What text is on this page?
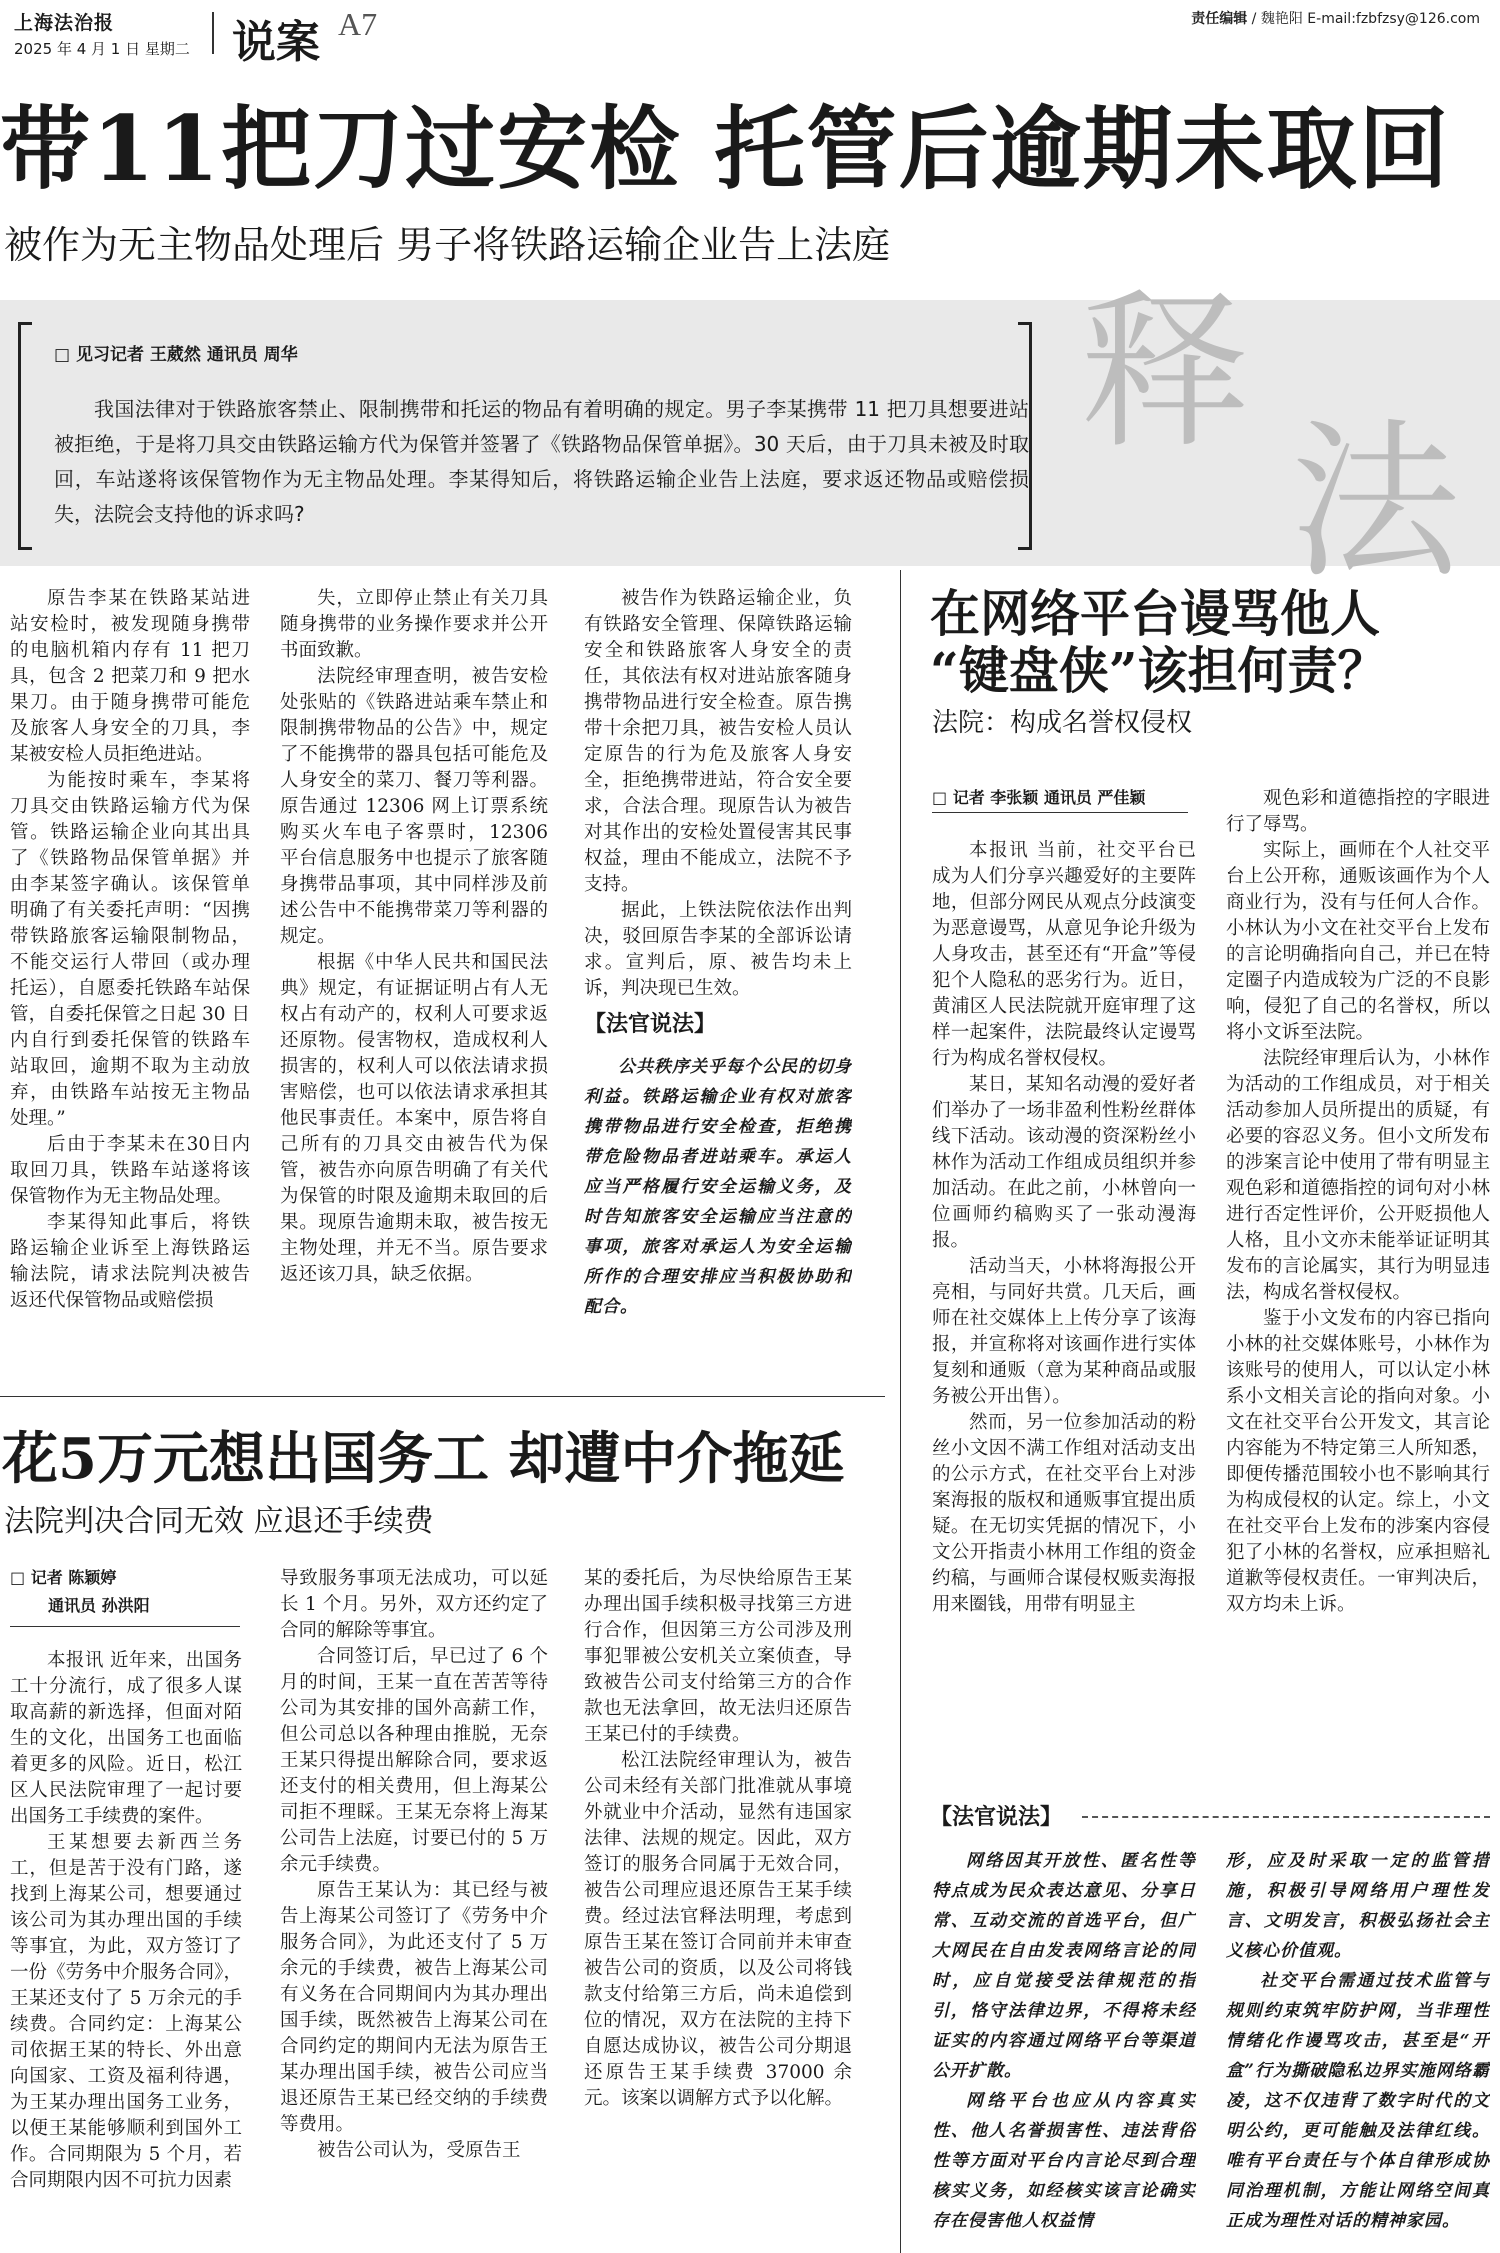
上海法治报
2025 年 4 月 1 日 星期二 说案 A7	责任编辑 / 魏艳阳 E-mail:fzbfzsy@126.com
带11把刀过安检 托管后逾期未取回
被作为无主物品处理后 男子将铁路运输企业告上法庭
□ 见习记者 王葳然 通讯员 周华
我国法律对于铁路旅客禁止、限制携带和托运的物品有着明确的规定。男子李某携带 11 把刀具想要进站被拒绝，于是将刀具交由铁路运输方代为保管并签署了《铁路物品保管单据》。30 天后，由于刀具未被及时取回，车站遂将该保管物作为无主物品处理。李某得知后，将铁路运输企业告上法庭，要求返还物品或赔偿损失，法院会支持他的诉求吗?
释
法

原告李某在铁路某站进站安检时，被发现随身携带的电脑机箱内存有 11 把刀具，包含 2 把菜刀和 9 把水果刀。由于随身携带可能危及旅客人身安全的刀具，李某被安检人员拒绝进站。

为能按时乘车，李某将刀具交由铁路运输方代为保管。铁路运输企业向其出具了《铁路物品保管单据》并由李某签字确认。该保管单明确了有关委托声明：“因携带铁路旅客运输限制物品，不能交运行人带回（或办理托运），自愿委托铁路车站保管，自委托保管之日起 30 日内自行到委托保管的铁路车站取回，逾期不取为主动放弃，由铁路车站按无主物品处理。”

后由于李某未在30日内取回刀具，铁路车站遂将该保管物作为无主物品处理。

李某得知此事后，将铁路运输企业诉至上海铁路运输法院，请求法院判决被告返还代保管物品或赔偿损

失，立即停止禁止有关刀具随身携带的业务操作要求并公开书面致歉。

法院经审理查明，被告安检处张贴的《铁路进站乘车禁止和限制携带物品的公告》中，规定了不能携带的器具包括可能危及人身安全的菜刀、餐刀等利器。原告通过 12306 网上订票系统购买火车电子客票时，12306 平台信息服务中也提示了旅客随身携带品事项，其中同样涉及前述公告中不能携带菜刀等利器的规定。

根据《中华人民共和国民法典》规定，有证据证明占有人无权占有动产的，权利人可要求返还原物。侵害物权，造成权利人损害的，权利人可以依法请求损害赔偿，也可以依法请求承担其他民事责任。本案中，原告将自己所有的刀具交由被告代为保管，被告亦向原告明确了有关代为保管的时限及逾期未取回的后果。现原告逾期未取，被告按无主物处理，并无不当。原告要求返还该刀具，缺乏依据。

被告作为铁路运输企业，负有铁路安全管理、保障铁路运输安全和铁路旅客人身安全的责任，其依法有权对进站旅客随身携带物品进行安全检查。原告携带十余把刀具，被告安检人员认定原告的行为危及旅客人身安全，拒绝携带进站，符合安全要求，合法合理。现原告认为被告对其作出的安检处置侵害其民事权益，理由不能成立，法院不予支持。

据此，上铁法院依法作出判决，驳回原告李某的全部诉讼请求。宣判后，原、被告均未上诉，判决现已生效。

【法官说法】

公共秩序关乎每个公民的切身利益。铁路运输企业有权对旅客携带物品进行安全检查，拒绝携带危险物品者进站乘车。承运人应当严格履行安全运输义务，及时告知旅客安全运输应当注意的事项，旅客对承运人为安全运输所作的合理安排应当积极协助和配合。

在网络平台谩骂他人
“键盘侠”该担何责？
法院：构成名誉权侵权
□ 记者 李张颖 通讯员 严佳颖

本报讯 当前，社交平台已成为人们分享兴趣爱好的主要阵地，但部分网民从观点分歧演变为恶意谩骂，从意见争论升级为人身攻击，甚至还有“开盒”等侵犯个人隐私的恶劣行为。近日，黄浦区人民法院就开庭审理了这样一起案件，法院最终认定谩骂行为构成名誉权侵权。

某日，某知名动漫的爱好者们举办了一场非盈利性粉丝群体线下活动。该动漫的资深粉丝小林作为活动工作组成员组织并参加活动。在此之前，小林曾向一位画师约稿购买了一张动漫海报。

活动当天，小林将海报公开亮相，与同好共赏。几天后，画师在社交媒体上上传分享了该海报，并宣称将对该画作进行实体复刻和通贩（意为某种商品或服务被公开出售）。

然而，另一位参加活动的粉丝小文因不满工作组对活动支出的公示方式，在社交平台上对涉案海报的版权和通贩事宜提出质疑。在无切实凭据的情况下，小文公开指责小林用工作组的资金约稿，与画师合谋侵权贩卖海报用来圈钱，用带有明显主

观色彩和道德指控的字眼进行了辱骂。

实际上，画师在个人社交平台上公开称，通贩该画作为个人商业行为，没有与任何人合作。小林认为小文在社交平台上发布的言论明确指向自己，并已在特定圈子内造成较为广泛的不良影响，侵犯了自己的名誉权，所以将小文诉至法院。

法院经审理后认为，小林作为活动的工作组成员，对于相关活动参加人员所提出的质疑，有必要的容忍义务。但小文所发布的涉案言论中使用了带有明显主观色彩和道德指控的词句对小林进行否定性评价，公开贬损他人人格，且小文亦未能举证证明其发布的言论属实，其行为明显违法，构成名誉权侵权。

鉴于小文发布的内容已指向小林的社交媒体账号，小林作为该账号的使用人，可以认定小林系小文相关言论的指向对象。小文在社交平台公开发文，其言论内容能为不特定第三人所知悉，即便传播范围较小也不影响其行为构成侵权的认定。综上，小文在社交平台上发布的涉案内容侵犯了小林的名誉权，应承担赔礼道歉等侵权责任。一审判决后，双方均未上诉。

【法官说法】

网络因其开放性、匿名性等特点成为民众表达意见、分享日常、互动交流的首选平台，但广大网民在自由发表网络言论的同时，应自觉接受法律规范的指引，恪守法律边界，不得将未经证实的内容通过网络平台等渠道公开扩散。

网络平台也应从内容真实性、他人名誉损害性、违法背俗性等方面对平台内言论尽到合理核实义务，如经核实该言论确实存在侵害他人权益情

形，应及时采取一定的监管措施，积极引导网络用户理性发言、文明发言，积极弘扬社会主义核心价值观。

社交平台需通过技术监管与规则约束筑牢防护网，当非理性情绪化作谩骂攻击，甚至是“开盒”行为撕破隐私边界实施网络霸凌，这不仅违背了数字时代的文明公约，更可能触及法律红线。唯有平台责任与个体自律形成协同治理机制，方能让网络空间真正成为理性对话的精神家园。

花5万元想出国务工 却遭中介拖延
法院判决合同无效 应退还手续费
□ 记者 陈颖婷
通讯员 孙洪阳

本报讯 近年来，出国务工十分流行，成了很多人谋取高薪的新选择，但面对陌生的文化，出国务工也面临着更多的风险。近日，松江区人民法院审理了一起讨要出国务工手续费的案件。

王某想要去新西兰务工，但是苦于没有门路，遂找到上海某公司，想要通过该公司为其办理出国的手续等事宜，为此，双方签订了一份《劳务中介服务合同》，王某还支付了 5 万余元的手续费。合同约定：上海某公司依据王某的特长、外出意向国家、工资及福利待遇，为王某办理出国务工业务，以便王某能够顺利到国外工作。合同期限为 5 个月，若合同期限内因不可抗力因素

导致服务事项无法成功，可以延长 1 个月。另外，双方还约定了合同的解除等事宜。

合同签订后，早已过了 6 个月的时间，王某一直在苦苦等待公司为其安排的国外高薪工作，但公司总以各种理由推脱，无奈王某只得提出解除合同，要求返还支付的相关费用，但上海某公司拒不理睬。王某无奈将上海某公司告上法庭，讨要已付的 5 万余元手续费。

原告王某认为：其已经与被告上海某公司签订了《劳务中介服务合同》，为此还支付了 5 万余元的手续费，被告上海某公司有义务在合同期间内为其办理出国手续，既然被告上海某公司在合同约定的期间内无法为原告王某办理出国手续，被告公司应当退还原告王某已经交纳的手续费等费用。

被告公司认为，受原告王

某的委托后，为尽快给原告王某办理出国手续积极寻找第三方进行合作，但因第三方公司涉及刑事犯罪被公安机关立案侦查，导致被告公司支付给第三方的合作款也无法拿回，故无法归还原告王某已付的手续费。

松江法院经审理认为，被告公司未经有关部门批准就从事境外就业中介活动，显然有违国家法律、法规的规定。因此，双方签订的服务合同属于无效合同，被告公司理应退还原告王某手续费。经过法官释法明理，考虑到原告王某在签订合同前并未审查被告公司的资质，以及公司将钱款支付给第三方后，尚未追偿到位的情况，双方在法院的主持下自愿达成协议，被告公司分期退还原告王某手续费 37000 余元。该案以调解方式予以化解。
